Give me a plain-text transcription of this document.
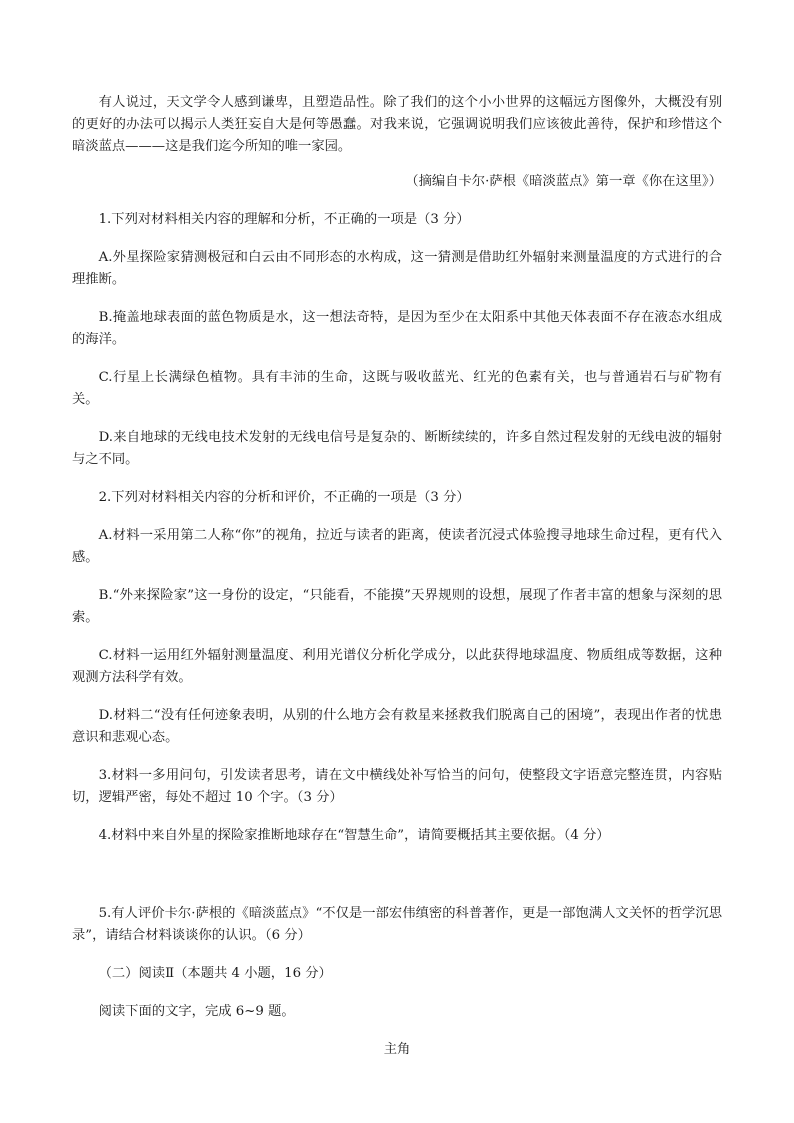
有人说过，天文学令人感到谦卑，且塑造品性。除了我们的这个小小世界的这幅远方图像外，大概没有别的更好的办法可以揭示人类狂妄自大是何等愚蠢。对我来说，它强调说明我们应该彼此善待，保护和珍惜这个暗淡蓝点———这是我们迄今所知的唯一家园。

（摘编自卡尔·萨根《暗淡蓝点》第一章《你在这里》）

1.下列对材料相关内容的理解和分析，不正确的一项是（3 分）

A.外星探险家猜测极冠和白云由不同形态的水构成，这一猜测是借助红外辐射来测量温度的方式进行的合理推断。

B.掩盖地球表面的蓝色物质是水，这一想法奇特，是因为至少在太阳系中其他天体表面不存在液态水组成的海洋。

C.行星上长满绿色植物。具有丰沛的生命，这既与吸收蓝光、红光的色素有关，也与普通岩石与矿物有关。

D.来自地球的无线电技术发射的无线电信号是复杂的、断断续续的，许多自然过程发射的无线电波的辐射与之不同。

2.下列对材料相关内容的分析和评价，不正确的一项是（3 分）

A.材料一采用第二人称“你”的视角，拉近与读者的距离，使读者沉浸式体验搜寻地球生命过程，更有代入感。

B.“外来探险家”这一身份的设定，“只能看，不能摸”天界规则的设想，展现了作者丰富的想象与深刻的思索。

C.材料一运用红外辐射测量温度、利用光谱仪分析化学成分，以此获得地球温度、物质组成等数据，这种观测方法科学有效。

D.材料二“没有任何迹象表明，从别的什么地方会有救星来拯救我们脱离自己的困境”，表现出作者的忧患意识和悲观心态。

3.材料一多用问句，引发读者思考，请在文中横线处补写恰当的问句，使整段文字语意完整连贯，内容贴切，逻辑严密，每处不超过 10 个字。（3 分）

4.材料中来自外星的探险家推断地球存在“智慧生命”，请简要概括其主要依据。（4 分）

5.有人评价卡尔·萨根的《暗淡蓝点》“不仅是一部宏伟缜密的科普著作，更是一部饱满人文关怀的哲学沉思录”，请结合材料谈谈你的认识。（6 分）

（二）阅读Ⅱ（本题共 4 小题，16 分）

阅读下面的文字，完成 6~9 题。

主角
